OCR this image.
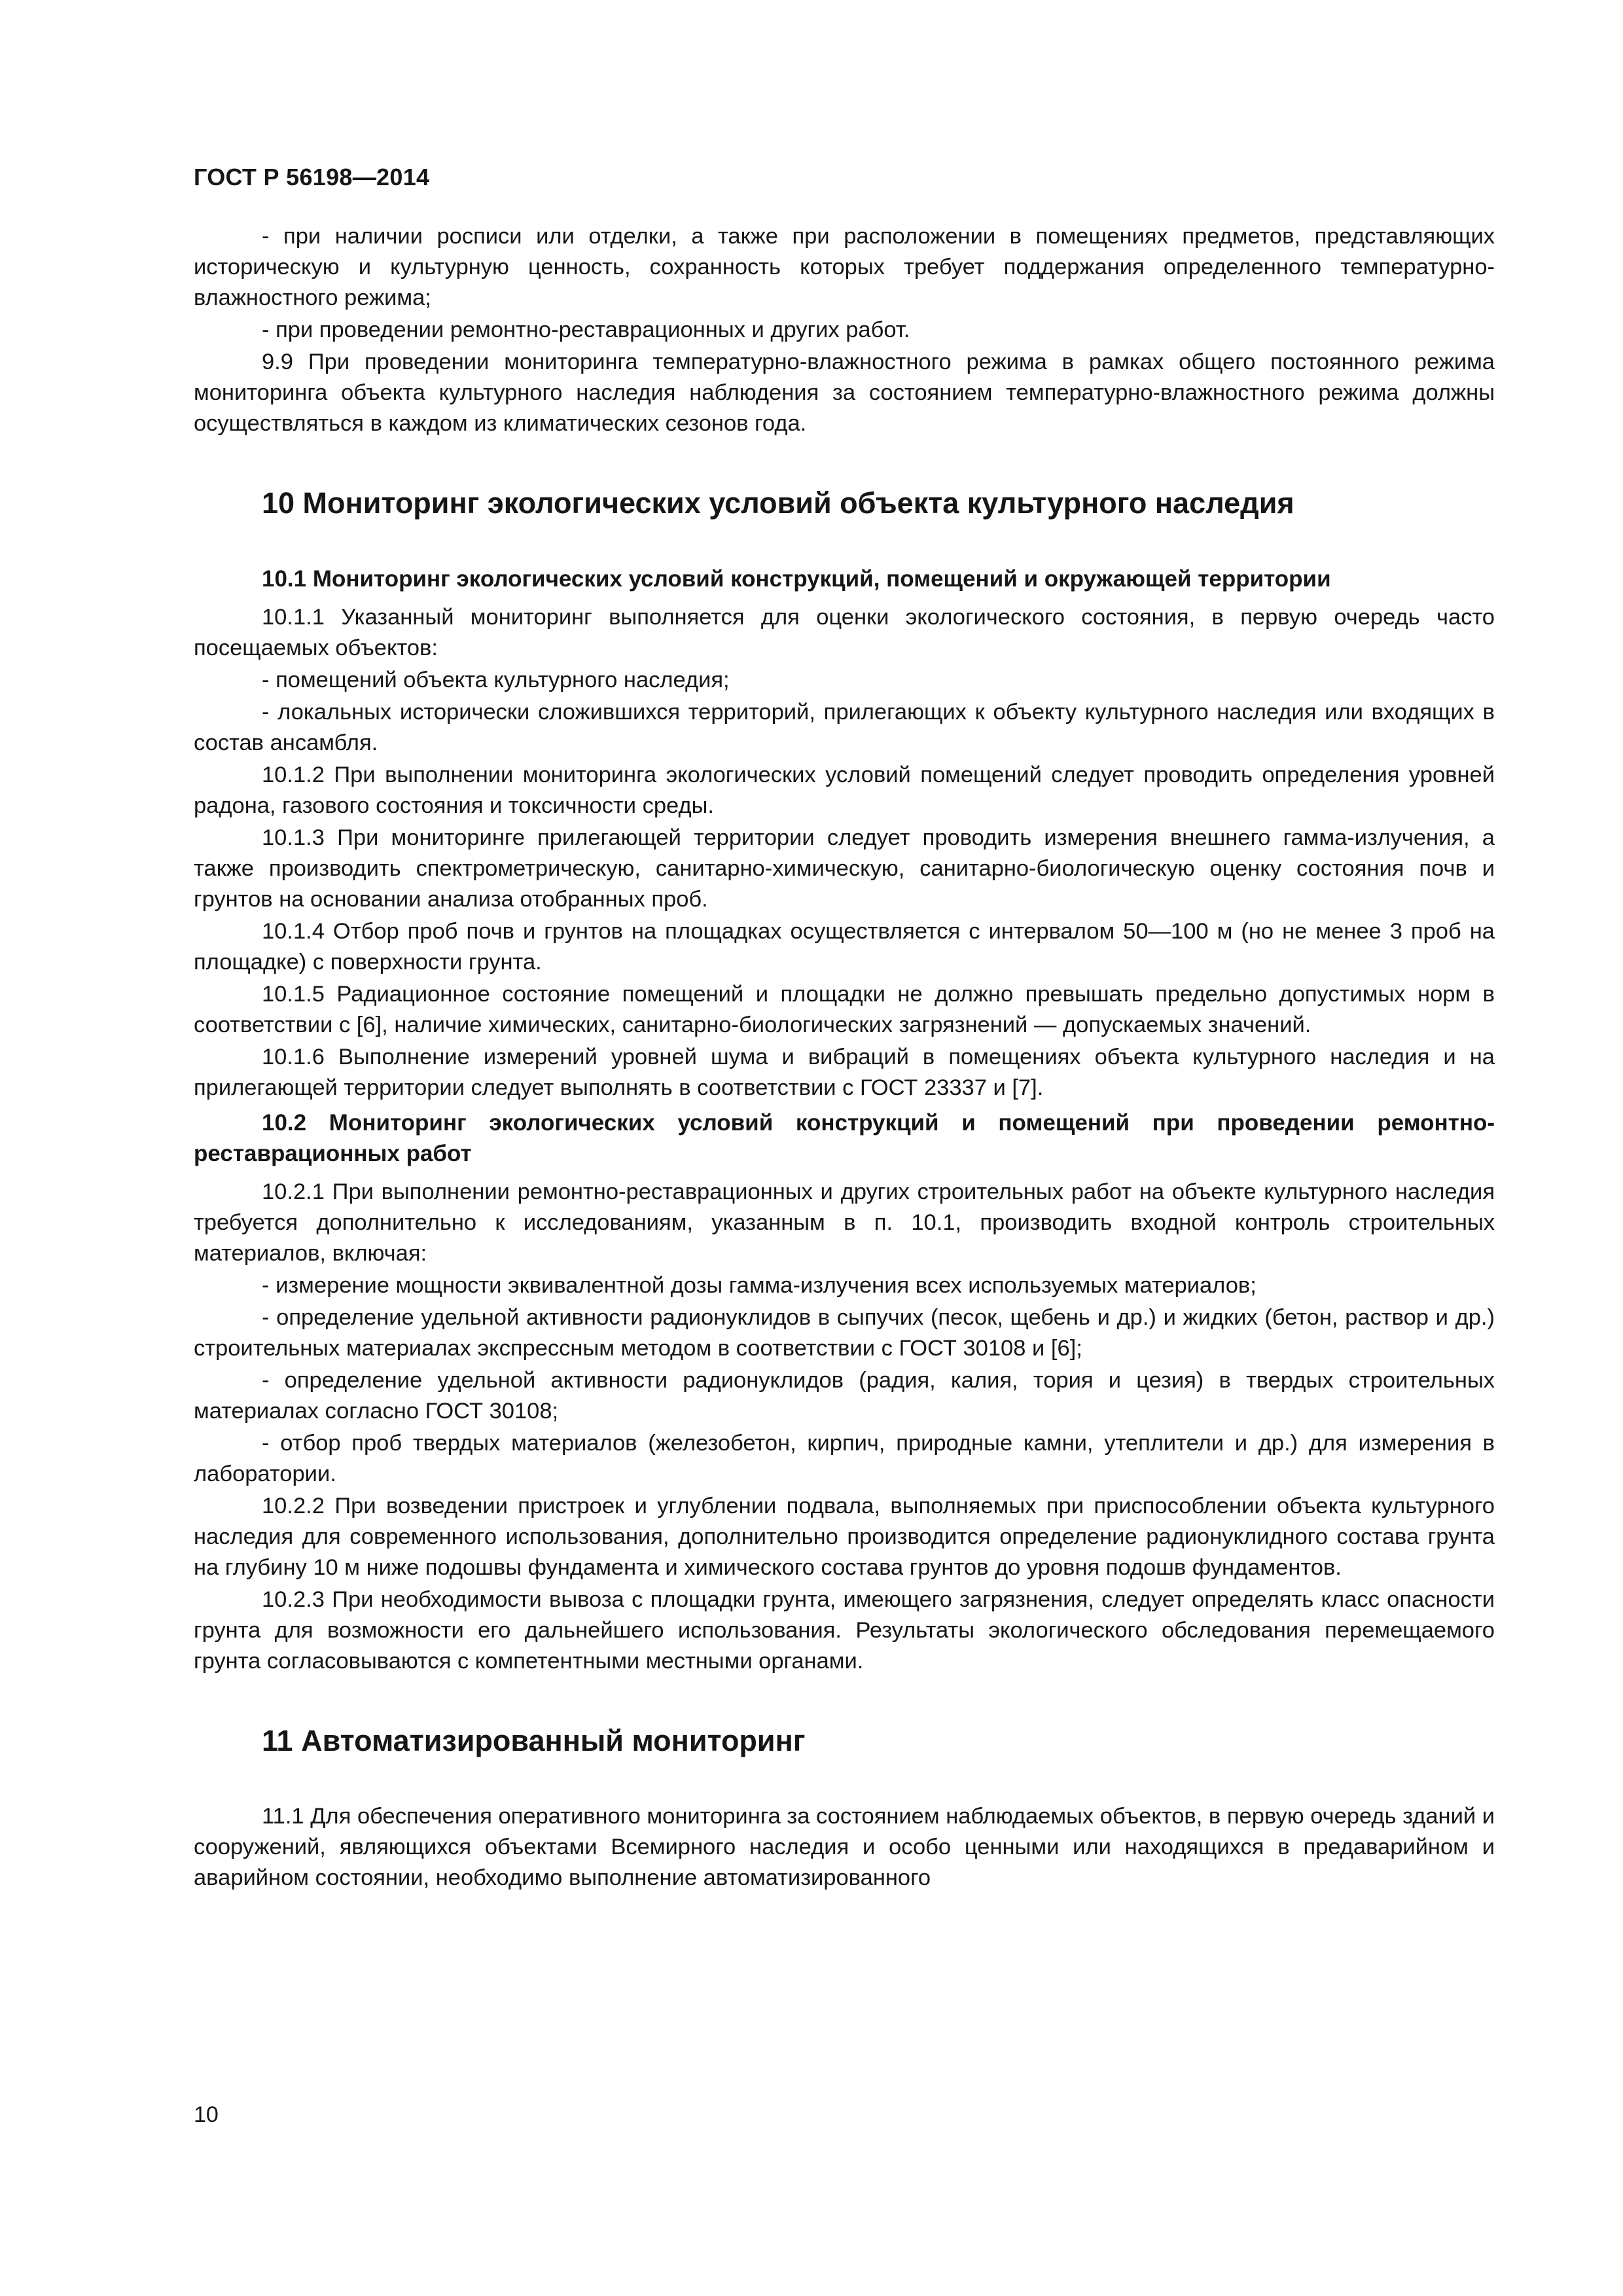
ГОСТ Р 56198—2014

- при наличии росписи или отделки, а также при расположении в помещениях предметов, представляющих историческую и культурную ценность, сохранность которых требует поддержания определенного температурно-влажностного режима;

- при проведении ремонтно-реставрационных и других работ.

9.9 При проведении мониторинга температурно-влажностного режима в рамках общего постоянного режима мониторинга объекта культурного наследия наблюдения за состоянием температурно-влажностного режима должны осуществляться в каждом из климатических сезонов года.

10 Мониторинг экологических условий объекта культурного наследия
10.1 Мониторинг экологических условий конструкций, помещений и окружающей территории

10.1.1 Указанный мониторинг выполняется для оценки экологического состояния, в первую очередь часто посещаемых объектов:

- помещений объекта культурного наследия;

- локальных исторически сложившихся территорий, прилегающих к объекту культурного наследия или входящих в состав ансамбля.

10.1.2 При выполнении мониторинга экологических условий помещений следует проводить определения уровней радона, газового состояния и токсичности среды.

10.1.3 При мониторинге прилегающей территории следует проводить измерения внешнего гамма-излучения, а также производить спектрометрическую, санитарно-химическую, санитарно-биологическую оценку состояния почв и грунтов на основании анализа отобранных проб.

10.1.4 Отбор проб почв и грунтов на площадках осуществляется с интервалом 50—100 м (но не менее 3 проб на площадке) с поверхности грунта.

10.1.5 Радиационное состояние помещений и площадки не должно превышать предельно допустимых норм в соответствии с [6], наличие химических, санитарно-биологических загрязнений — допускаемых значений.

10.1.6 Выполнение измерений уровней шума и вибраций в помещениях объекта культурного наследия и на прилегающей территории следует выполнять в соответствии с ГОСТ 23337 и [7].

10.2 Мониторинг экологических условий конструкций и помещений при проведении ремонтно-реставрационных работ

10.2.1 При выполнении ремонтно-реставрационных и других строительных работ на объекте культурного наследия требуется дополнительно к исследованиям, указанным в п. 10.1, производить входной контроль строительных материалов, включая:

- измерение мощности эквивалентной дозы гамма-излучения всех используемых материалов;

- определение удельной активности радионуклидов в сыпучих (песок, щебень и др.) и жидких (бетон, раствор и др.) строительных материалах экспрессным методом в соответствии с ГОСТ 30108 и [6];

- определение удельной активности радионуклидов (радия, калия, тория и цезия) в твердых строительных материалах согласно ГОСТ 30108;

- отбор проб твердых материалов (железобетон, кирпич, природные камни, утеплители и др.) для измерения в лаборатории.

10.2.2 При возведении пристроек и углублении подвала, выполняемых при приспособлении объекта культурного наследия для современного использования, дополнительно производится определение радионуклидного состава грунта на глубину 10 м ниже подошвы фундамента и химического состава грунтов до уровня подошв фундаментов.

10.2.3 При необходимости вывоза с площадки грунта, имеющего загрязнения, следует определять класс опасности грунта для возможности его дальнейшего использования. Результаты экологического обследования перемещаемого грунта согласовываются с компетентными местными органами.

11 Автоматизированный мониторинг

11.1 Для обеспечения оперативного мониторинга за состоянием наблюдаемых объектов, в первую очередь зданий и сооружений, являющихся объектами Всемирного наследия и особо ценными или находящихся в предаварийном и аварийном состоянии, необходимо выполнение автоматизированного

10
